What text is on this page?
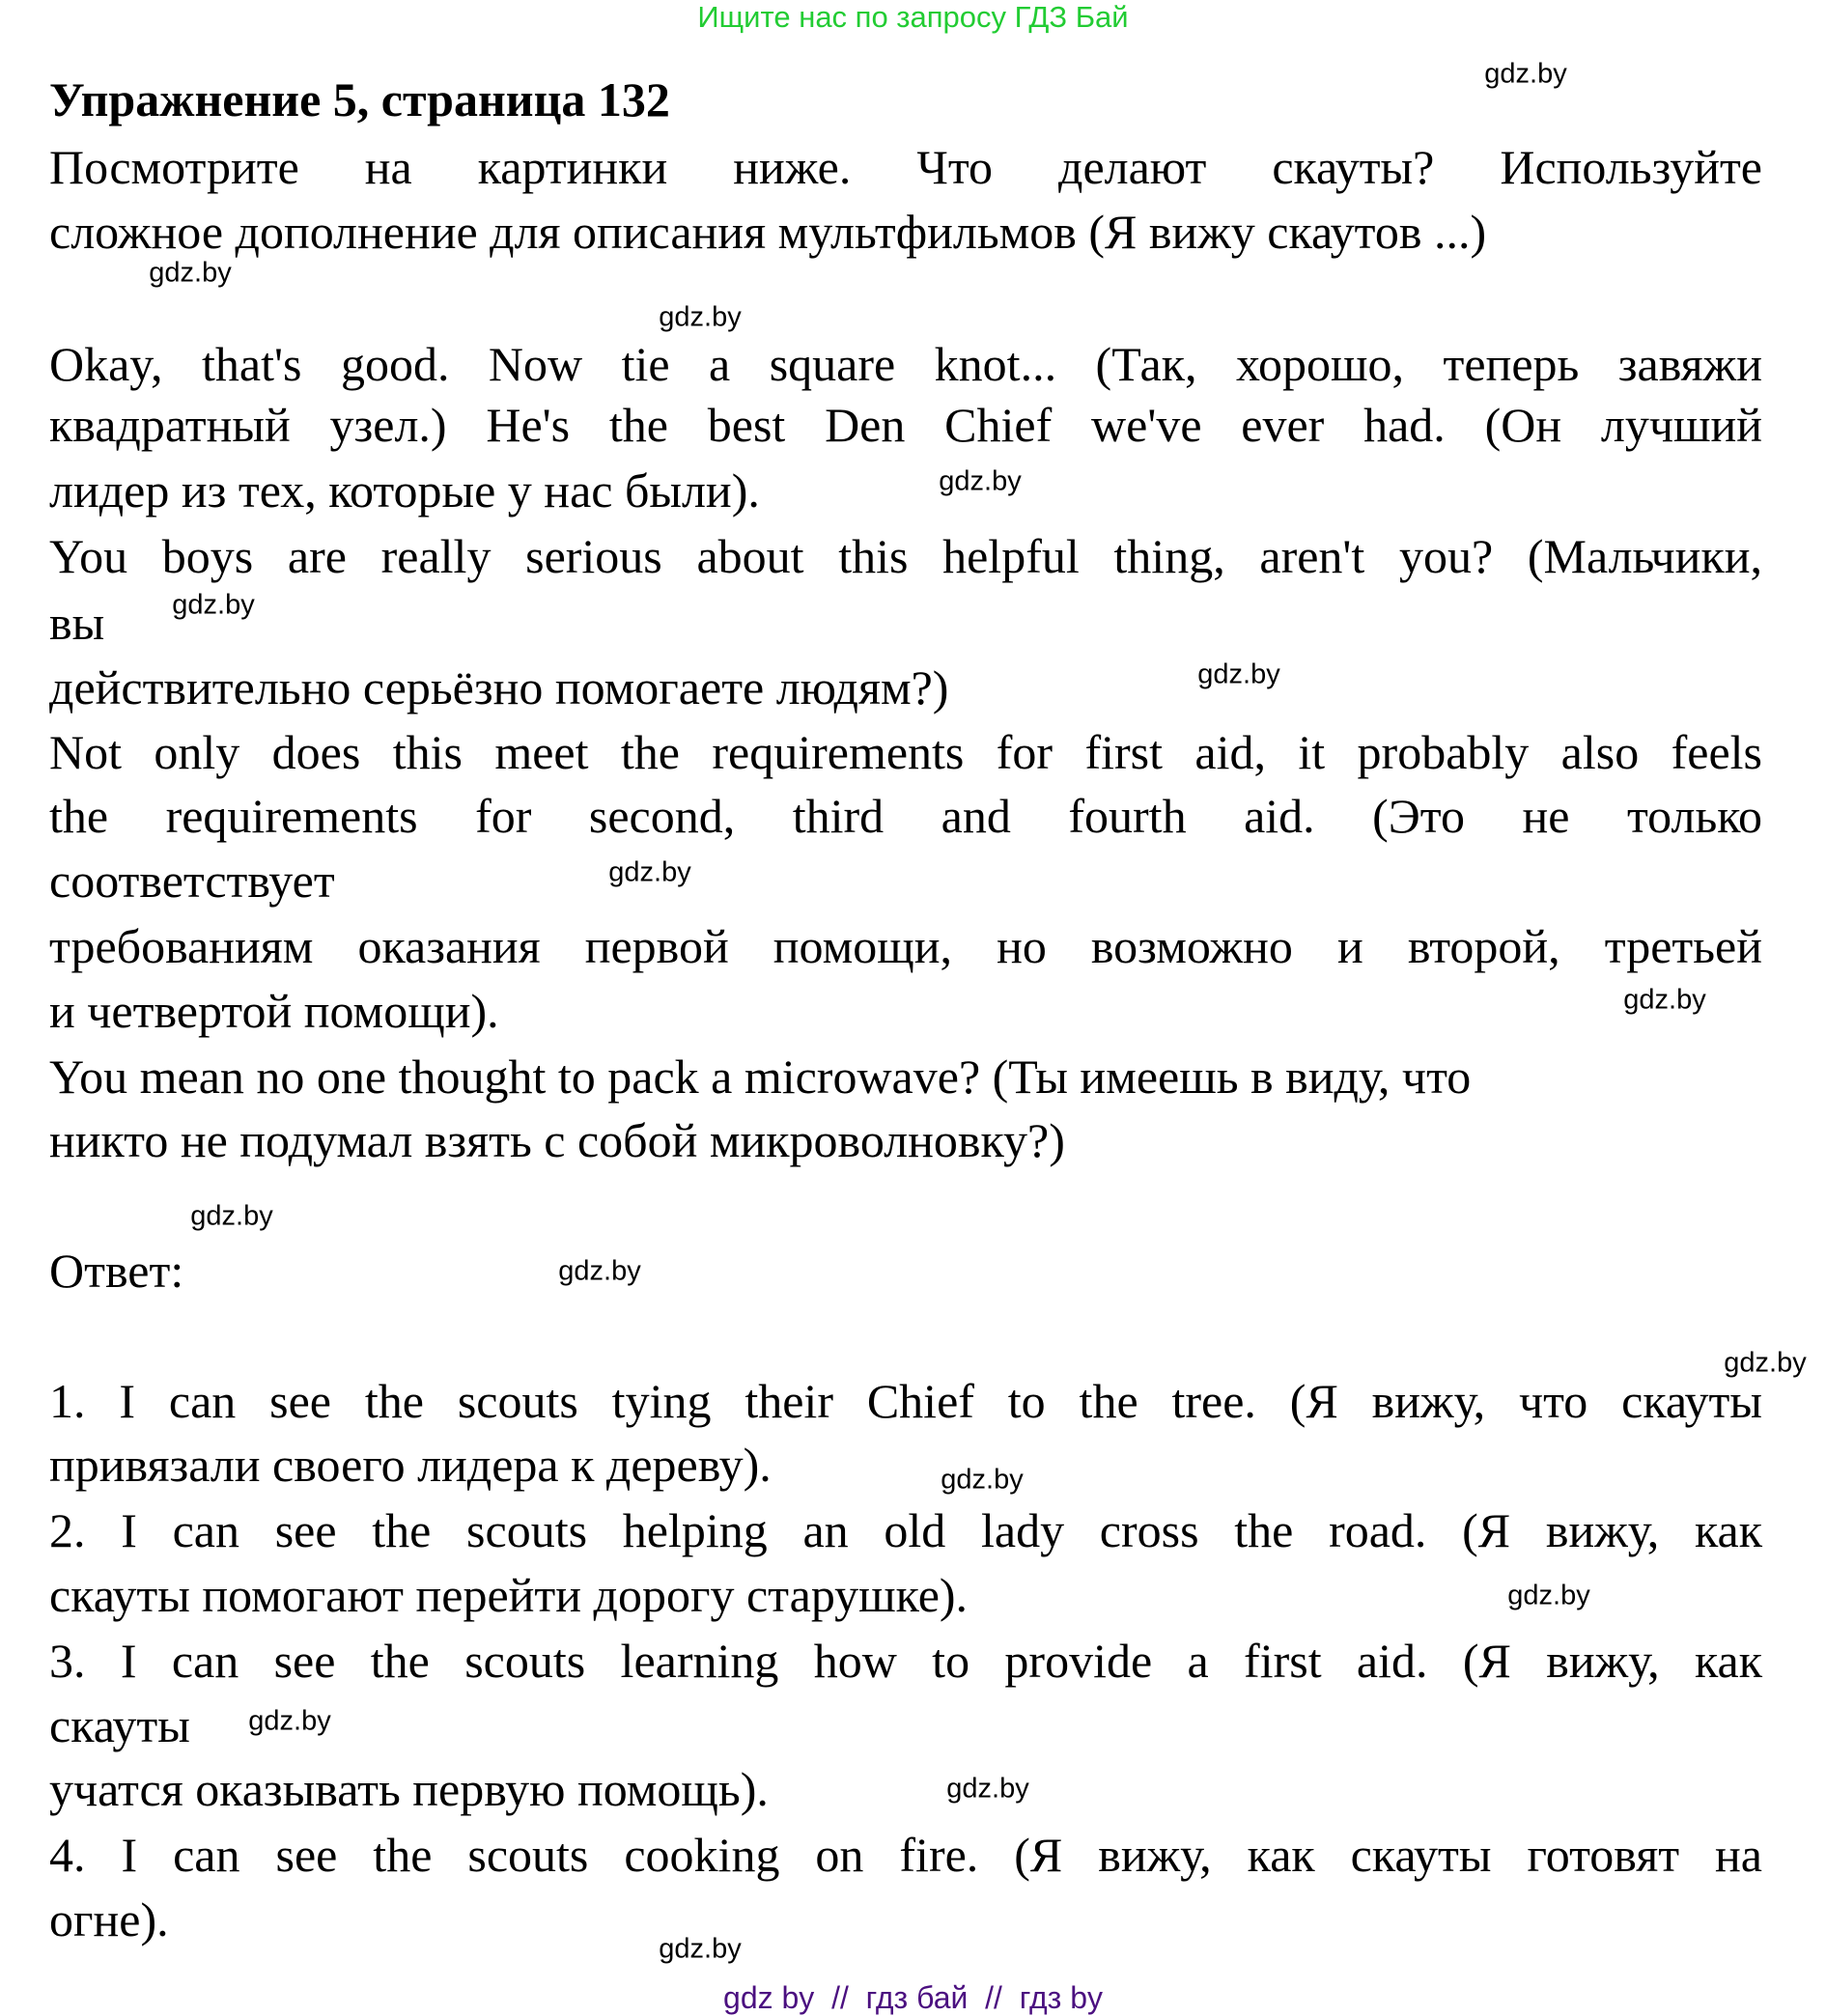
Ищите нас по запросу ГДЗ Бай
Упражнение 5, страница 132
Посмотрите на картинки ниже. Что делают скауты? Используйте
сложное дополнение для описания мультфильмов (Я вижу скаутов ...)
Okay, that's good. Now tie a square knot... (Так, хорошо, теперь завяжи
квадратный узел.) He's the best Den Chief we've ever had. (Он лучший
лидер из тех, которые у нас были).
You boys are really serious about this helpful thing, aren't you? (Мальчики,
вы
действительно серьёзно помогаете людям?)
Not only does this meet the requirements for first aid, it probably also feels
the requirements for second, third and fourth aid. (Это не только
соответствует
требованиям оказания первой помощи, но возможно и второй, третьей
и четвертой помощи).
You mean no one thought to pack a microwave? (Ты имеешь в виду, что
никто не подумал взять с собой микроволновку?)
Ответ:
1. I can see the scouts tying their Chief to the tree. (Я вижу, что скауты
привязали своего лидера к дереву).
2. I can see the scouts helping an old lady cross the road. (Я вижу, как
скауты помогают перейти дорогу старушке).
3. I can see the scouts learning how to provide a first aid. (Я вижу, как
скауты
учатся оказывать первую помощь).
4. I can see the scouts cooking on fire. (Я вижу, как скауты готовят на
огне).
gdz.by
gdz.by
gdz.by
gdz.by
gdz.by
gdz.by
gdz.by
gdz.by
gdz.by
gdz.by
gdz.by
gdz.by
gdz.by
gdz.by
gdz.by
gdz.by
gdz by  //  гдз бай  //  гдз by
